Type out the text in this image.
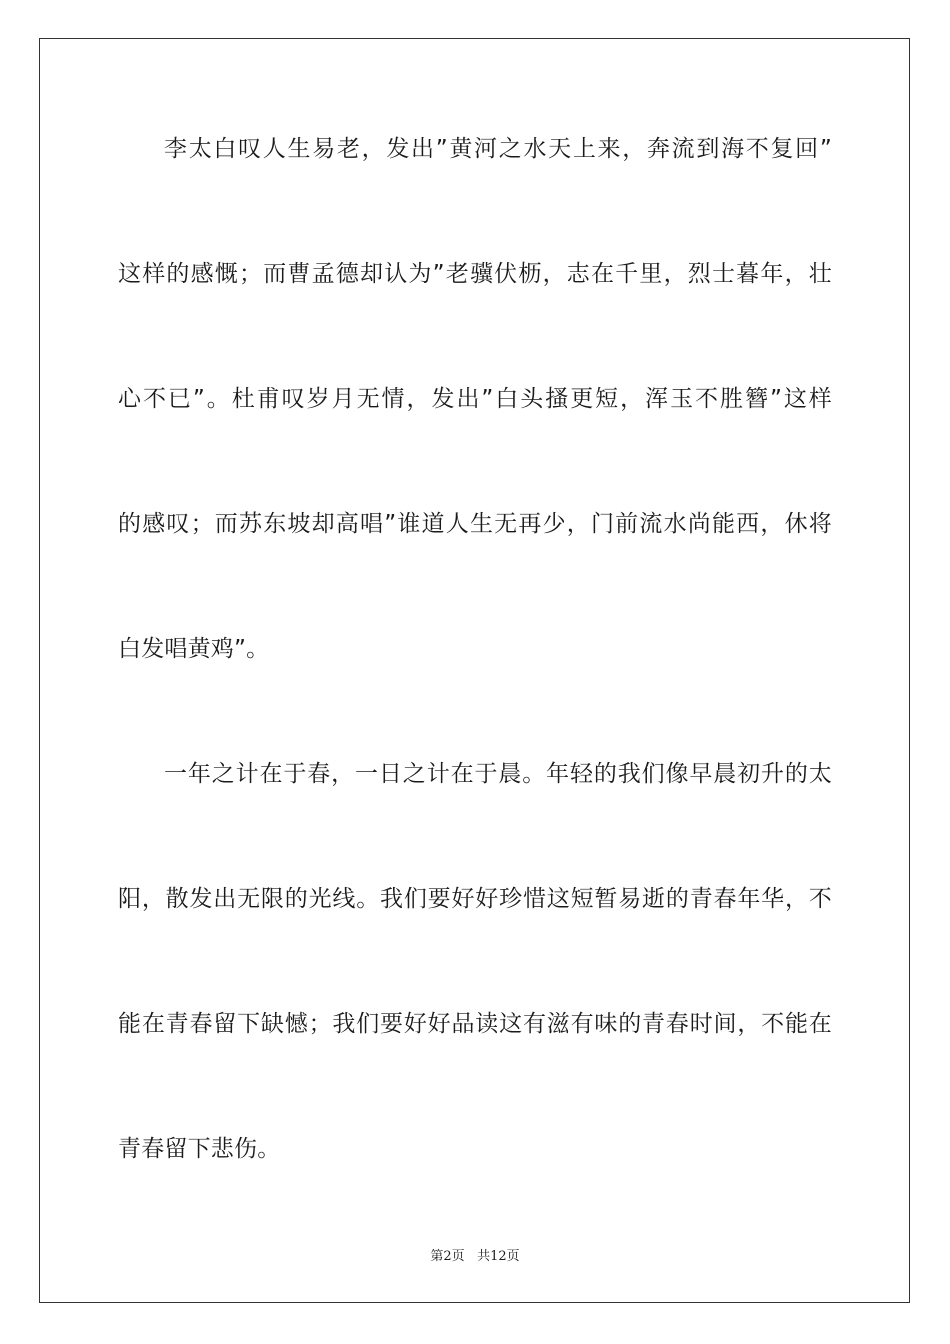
李太白叹人生易老，发出”黄河之水天上来，奔流到海不复回”
这样的感慨；而曹孟德却认为”老骥伏枥，志在千里，烈士暮年，壮
心不已”。杜甫叹岁月无情，发出”白头搔更短，浑玉不胜簪”这样
的感叹；而苏东坡却高唱”谁道人生无再少，门前流水尚能西，休将
白发唱黄鸡”。
一年之计在于春，一日之计在于晨。年轻的我们像早晨初升的太
阳，散发出无限的光线。我们要好好珍惜这短暂易逝的青春年华，不
能在青春留下缺憾；我们要好好品读这有滋有味的青春时间，不能在
青春留下悲伤。
第2页 共12页
